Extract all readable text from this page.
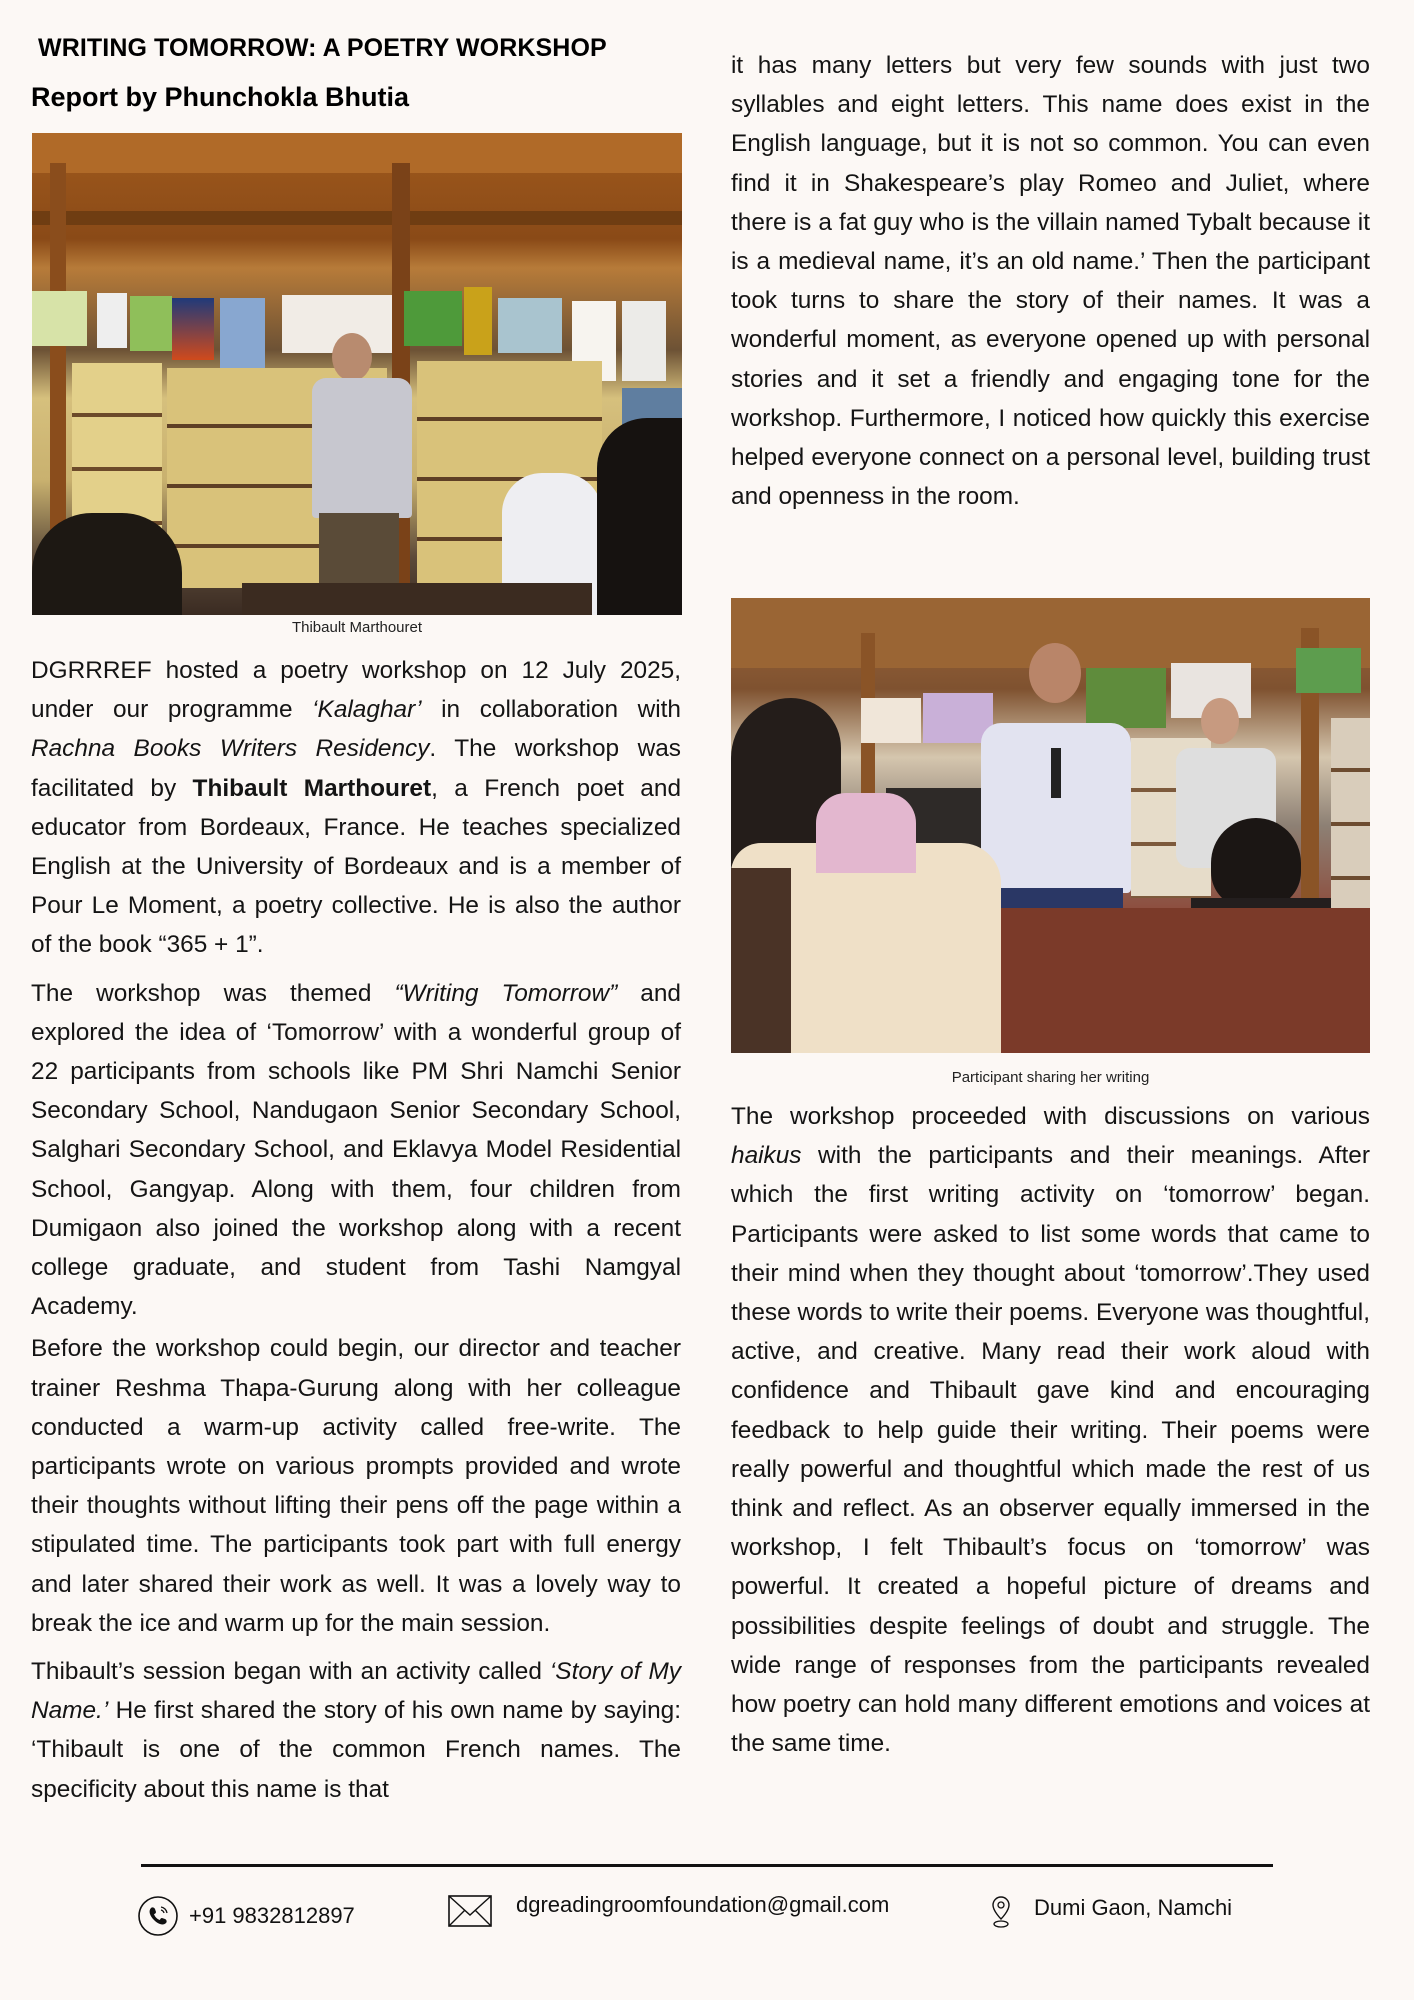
WRITING TOMORROW: A POETRY WORKSHOP
Report by Phunchokla Bhutia
Thibault Marthouret

DGRRREF hosted a poetry workshop on 12 July 2025, under our programme ‘Kalaghar’ in collaboration with Rachna Books Writers Residency. The workshop was facilitated by Thibault Marthouret, a French poet and educator from Bordeaux, France. He teaches specialized English at the University of Bordeaux and is a member of Pour Le Moment, a poetry collective. He is also the author of the book “365 + 1”.

The workshop was themed “Writing Tomorrow” and explored the idea of ‘Tomorrow’ with a wonderful group of 22 participants from schools like PM Shri Namchi Senior Secondary School, Nandugaon Senior Secondary School, Salghari Secondary School, and Eklavya Model Residential School, Gangyap. Along with them, four children from Dumigaon also joined the workshop along with a recent college graduate, and student from Tashi Namgyal Academy.

Before the workshop could begin, our director and teacher trainer Reshma Thapa-Gurung along with her colleague conducted a warm-up activity called free-write. The participants wrote on various prompts provided and wrote their thoughts without lifting their pens off the page within a stipulated time. The participants took part with full energy and later shared their work as well. It was a lovely way to break the ice and warm up for the main session.

Thibault’s session began with an activity called ‘Story of My Name.’ He first shared the story of his own name by saying: ‘Thibault is one of the common French names. The specificity about this name is that

it has many letters but very few sounds with just two syllables and eight letters. This name does exist in the English language, but it is not so common. You can even find it in Shakespeare’s play Romeo and Juliet, where there is a fat guy who is the villain named Tybalt because it is a medieval name, it’s an old name.’ Then the participant took turns to share the story of their names. It was a wonderful moment, as everyone opened up with personal stories and it set a friendly and engaging tone for the workshop. Furthermore, I noticed how quickly this exercise helped everyone connect on a personal level, building trust and openness in the room.

Participant sharing her writing

The workshop proceeded with discussions on various haikus with the participants and their meanings. After which the first writing activity on ‘tomorrow’ began. Participants were asked to list some words that came to their mind when they thought about ‘tomorrow’.They used these words to write their poems. Everyone was thoughtful, active, and creative. Many read their work aloud with confidence and Thibault gave kind and encouraging feedback to help guide their writing. Their poems were really powerful and thoughtful which made the rest of us think and reflect. As an observer equally immersed in the workshop, I felt Thibault’s focus on ‘tomorrow’ was powerful. It created a hopeful picture of dreams and possibilities despite feelings of doubt and struggle. The wide range of responses from the participants revealed how poetry can hold many different emotions and voices at the same time.

+91 9832812897	dgreadingroomfoundation@gmail.com	Dumi Gaon, Namchi
